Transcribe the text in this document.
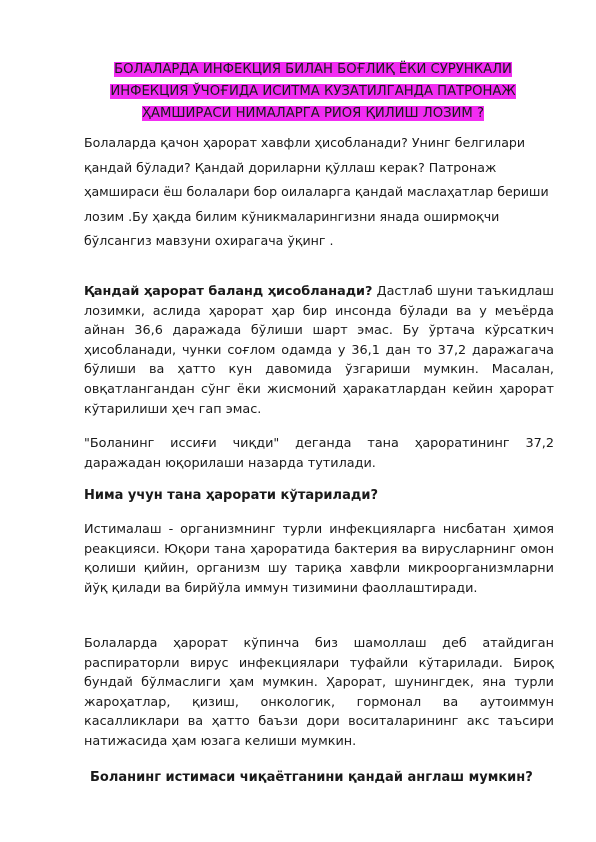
БОЛАЛАРДА ИНФЕКЦИЯ БИЛАН БОҒЛИҚ ЁКИ СУРУНКАЛИ
ИНФЕКЦИЯ ЎЧОҒИДА ИСИТМА КУЗАТИЛГАНДА ПАТРОНАЖ
ҲАМШИРАСИ НИМАЛАРГА РИОЯ ҚИЛИШ ЛОЗИМ ?
Болаларда қачон ҳарорат хавфли ҳисобланади? Унинг белгилари қандай бўлади? Қандай дориларни қўллаш керак? Патронаж ҳамшираси ёш болалари бор оилаларга қандай маслаҳатлар бериши лозим .Бу ҳақда билим кўникмаларингизни янада оширмоқчи бўлсангиз мавзуни охирагача ўқинг .
Қандай ҳарорат баланд ҳисобланади? Дастлаб шуни таъкидлаш лозимки, аслида ҳарорат ҳар бир инсонда бўлади ва у меъёрда айнан 36,6 даражада бўлиши шарт эмас. Бу ўртача кўрсаткич ҳисобланади, чунки соғлом одамда у 36,1 дан то 37,2 даражагача бўлиши ва ҳатто кун давомида ўзгариши мумкин. Масалан, овқатлангандан сўнг ёки жисмоний ҳаракатлардан кейин ҳарорат кўтарилиши ҳеч гап эмас.
"Боланинг иссиғи чиқди" деганда тана ҳароратининг 37,2 даражадан юқорилаши назарда тутилади.
Нима учун тана ҳарорати кўтарилади?
Истималаш - организмнинг турли инфекцияларга нисбатан ҳимоя реакцияси. Юқори тана ҳароратида бактерия ва вируcларнинг омон қолиши қийин, организм шу тариқа хавфли микроорганизмларни йўқ қилади ва бирйўла иммун тизимини фаоллаштиради.
Болаларда ҳарорат кўпинча биз шамоллаш деб атайдиган распираторли вирус инфекциялари туфайли кўтарилади. Бироқ бундай бўлмаслиги ҳам мумкин. Ҳарорат, шунингдек, яна турли жароҳатлар, қизиш, онкологик, гормонал ва аутоиммун касалликлари ва ҳатто баъзи дори воситаларининг акс таъсири натижасида ҳам юзага келиши мумкин.
Боланинг истимаси чиқаётганини қандай англаш мумкин?
